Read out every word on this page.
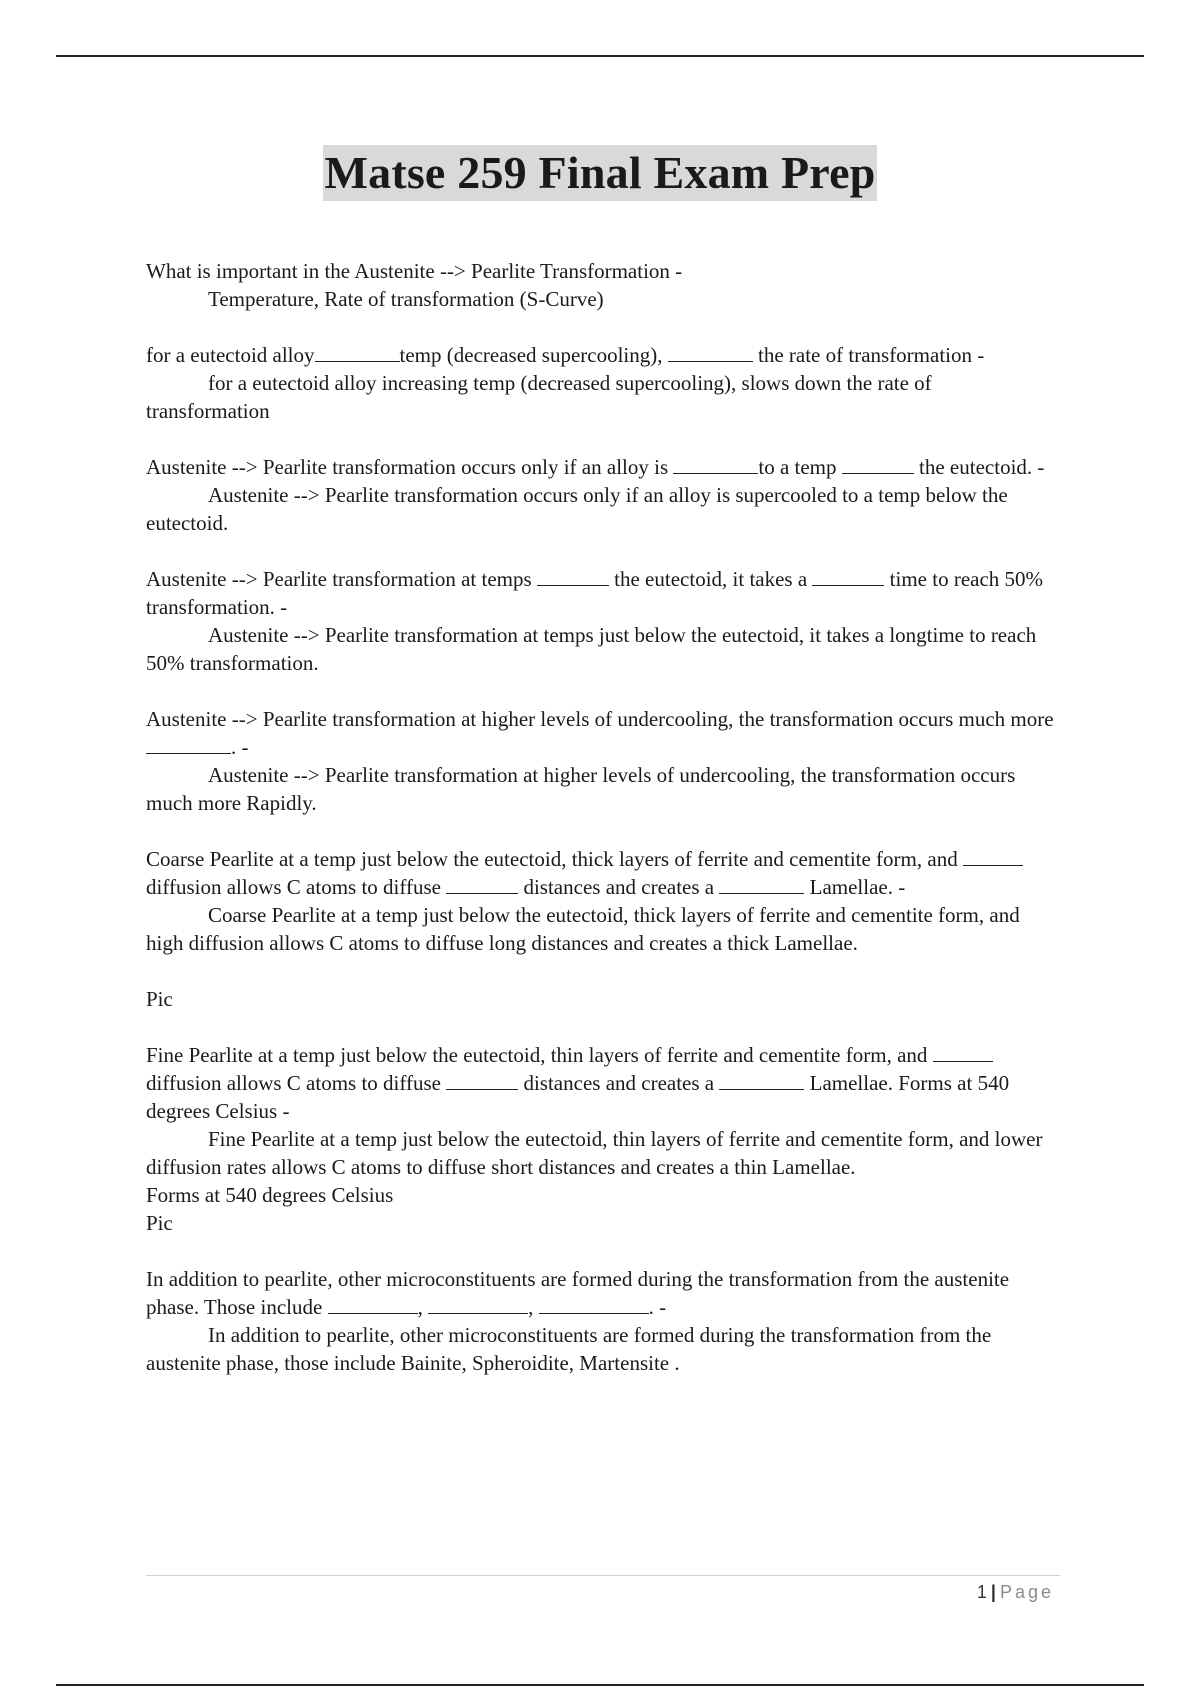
Matse 259 Final Exam Prep

What is important in the Austenite --> Pearlite Transformation -

Temperature, Rate of transformation (S-Curve)

for a eutectoid alloy	temp (decreased supercooling),	the rate of transformation -

for a eutectoid alloy increasing temp (decreased supercooling), slows down the rate of transformation

Austenite --> Pearlite transformation occurs only if an alloy is	to a temp	the eutectoid. -

Austenite --> Pearlite transformation occurs only if an alloy is supercooled to a temp below the eutectoid.

Austenite --> Pearlite transformation at temps	the eutectoid, it takes a	time to reach 50% transformation. -

Austenite --> Pearlite transformation at temps just below the eutectoid, it takes a longtime to reach 50% transformation.

Austenite --> Pearlite transformation at higher levels of undercooling, the transformation occurs much more . -

Austenite --> Pearlite transformation at higher levels of undercooling, the transformation occurs much more Rapidly.

Coarse Pearlite at a temp just below the eutectoid, thick layers of ferrite and cementite form, and  diffusion allows C atoms to diffuse	distances and creates a	Lamellae. -

Coarse Pearlite at a temp just below the eutectoid, thick layers of ferrite and cementite form, and high diffusion allows C atoms to diffuse long distances and creates a thick Lamellae.

Pic

Fine Pearlite at a temp just below the eutectoid, thin layers of ferrite and cementite form, and  diffusion allows C atoms to diffuse	distances and creates a	Lamellae. Forms at 540 degrees Celsius -

Fine Pearlite at a temp just below the eutectoid, thin layers of ferrite and cementite form, and lower diffusion rates allows C atoms to diffuse short distances and creates a thin Lamellae.

Forms at 540 degrees Celsius

Pic

In addition to pearlite, other microconstituents are formed during the transformation from the austenite phase. Those include	,	,	. -

In addition to pearlite, other microconstituents are formed during the transformation from the austenite phase, those include Bainite, Spheroidite, Martensite .

1 | Page
